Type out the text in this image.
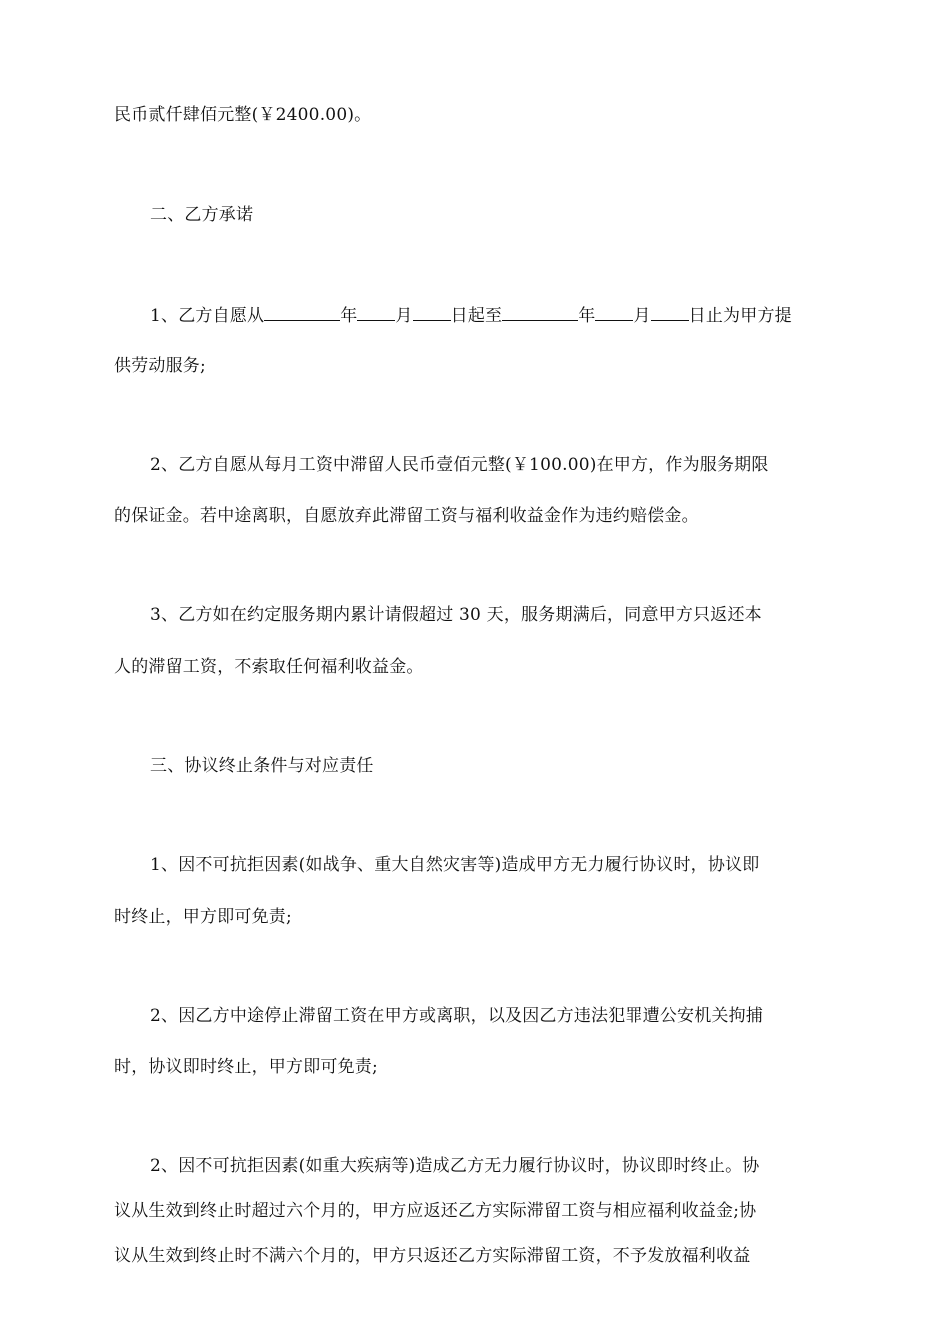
民币贰仟肆佰元整(￥2400.00)。
二、乙方承诺
1、乙方自愿从	年 月 日起至	年 月 日止为甲方提
供劳动服务;
2、乙方自愿从每月工资中滞留人民币壹佰元整(￥100.00)在甲方，作为服务期限
的保证金。若中途离职，自愿放弃此滞留工资与福利收益金作为违约赔偿金。
3、乙方如在约定服务期内累计请假超过 30 天，服务期满后，同意甲方只返还本
人的滞留工资，不索取任何福利收益金。
三、协议终止条件与对应责任
1、因不可抗拒因素(如战争、重大自然灾害等)造成甲方无力履行协议时，协议即
时终止，甲方即可免责;
2、因乙方中途停止滞留工资在甲方或离职，以及因乙方违法犯罪遭公安机关拘捕
时，协议即时终止，甲方即可免责;
2、因不可抗拒因素(如重大疾病等)造成乙方无力履行协议时，协议即时终止。协
议从生效到终止时超过六个月的，甲方应返还乙方实际滞留工资与相应福利收益金;协
议从生效到终止时不满六个月的，甲方只返还乙方实际滞留工资，不予发放福利收益
